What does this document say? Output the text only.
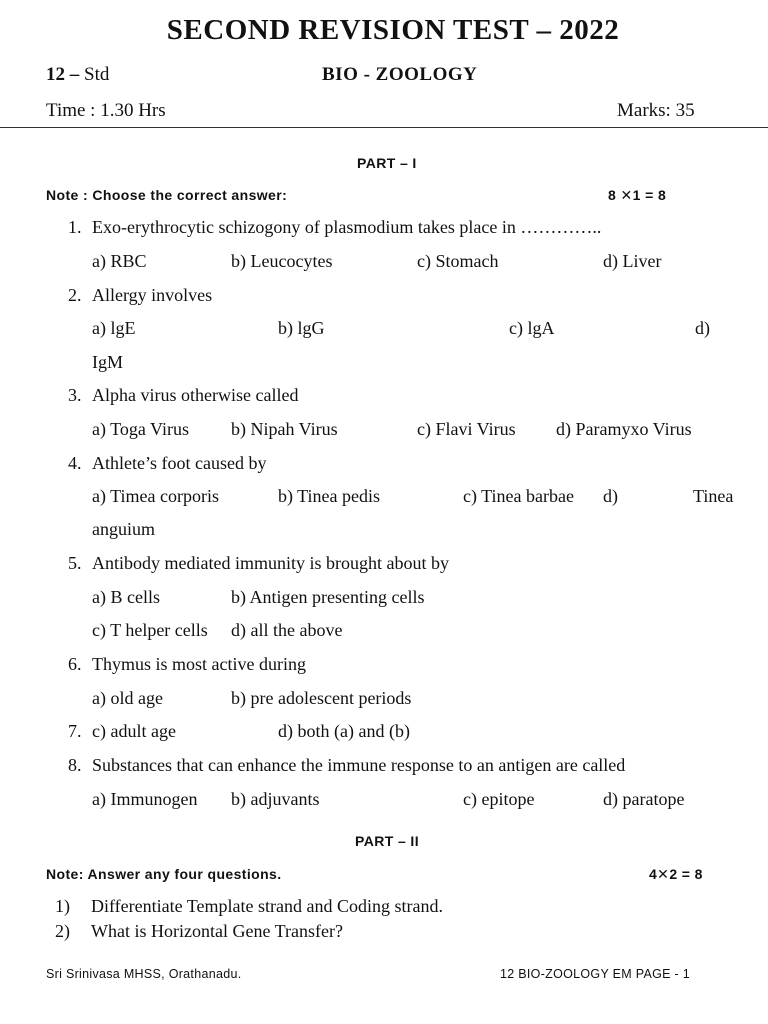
SECOND REVISION TEST – 2022
12 – Std	BIO - ZOOLOGY
Time : 1.30 Hrs	Marks: 35
PART – I
Note : Choose the correct answer:	8 ✕1 = 8
1. Exo-erythrocytic schizogony of plasmodium takes place in …………..
a) RBC	b) Leucocytes	c) Stomach	d) Liver
2. Allergy involves
a) lgE	b) lgG	c) lgA	d)
IgM
3. Alpha virus otherwise called
a) Toga Virus b) Nipah Virus	c) Flavi Virus d) Paramyxo Virus
4. Athlete’s foot caused by
a) Timea corporis	b) Tinea pedis	c) Tinea barbae d)	Tinea
anguium
5. Antibody mediated immunity is brought about by
a) B cells	b) Antigen presenting cells
c) T helper cells d) all the above
6. Thymus is most active during
a) old age	b) pre adolescent periods
7. c) adult age	d) both (a) and (b)
8. Substances that can enhance the immune response to an antigen are called
a) Immunogen b) adjuvants	c) epitope	d) paratope
PART – II
Note: Answer any four questions.	4✕2 = 8
1) Differentiate Template strand and Coding strand.
2) What is Horizontal Gene Transfer?
Sri Srinivasa MHSS, Orathanadu.	12 BIO-ZOOLOGY EM PAGE - 1
